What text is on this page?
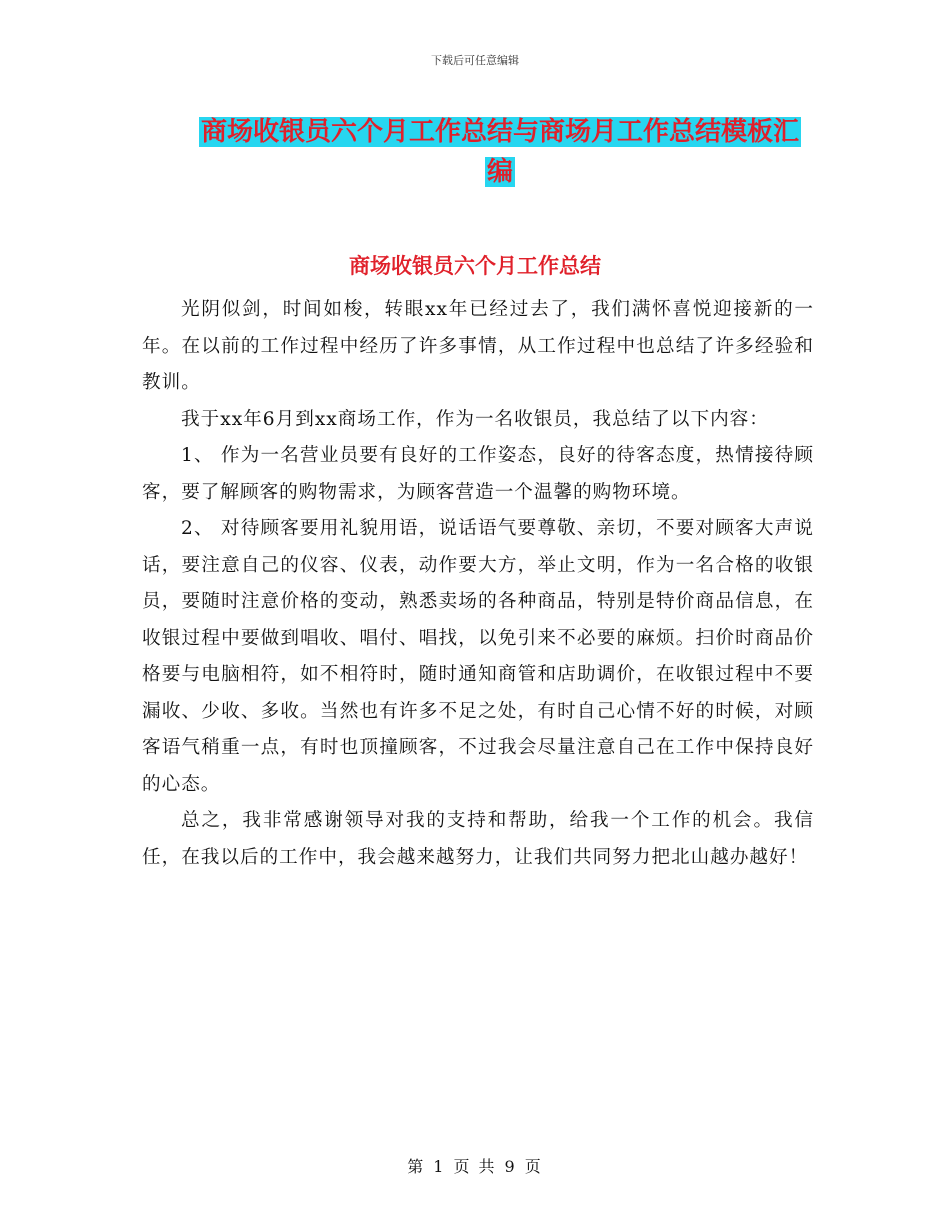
下载后可任意编辑
商场收银员六个月工作总结与商场月工作总结模板汇
编
商场收银员六个月工作总结

光阴似剑，时间如梭，转眼xx年已经过去了，我们满怀喜悦迎接新的一年。在以前的工作过程中经历了许多事情，从工作过程中也总结了许多经验和教训。

我于xx年6月到xx商场工作，作为一名收银员，我总结了以下内容：

1、 作为一名营业员要有良好的工作姿态，良好的待客态度，热情接待顾客，要了解顾客的购物需求，为顾客营造一个温馨的购物环境。

2、 对待顾客要用礼貌用语，说话语气要尊敬、亲切，不要对顾客大声说话，要注意自己的仪容、仪表，动作要大方，举止文明，作为一名合格的收银员，要随时注意价格的变动，熟悉卖场的各种商品，特别是特价商品信息，在收银过程中要做到唱收、唱付、唱找，以免引来不必要的麻烦。扫价时商品价格要与电脑相符，如不相符时，随时通知商管和店助调价，在收银过程中不要漏收、少收、多收。当然也有许多不足之处，有时自己心情不好的时候，对顾客语气稍重一点，有时也顶撞顾客，不过我会尽量注意自己在工作中保持良好的心态。

总之，我非常感谢领导对我的支持和帮助，给我一个工作的机会。我信任，在我以后的工作中，我会越来越努力，让我们共同努力把北山越办越好！

第 1 页 共 9 页
